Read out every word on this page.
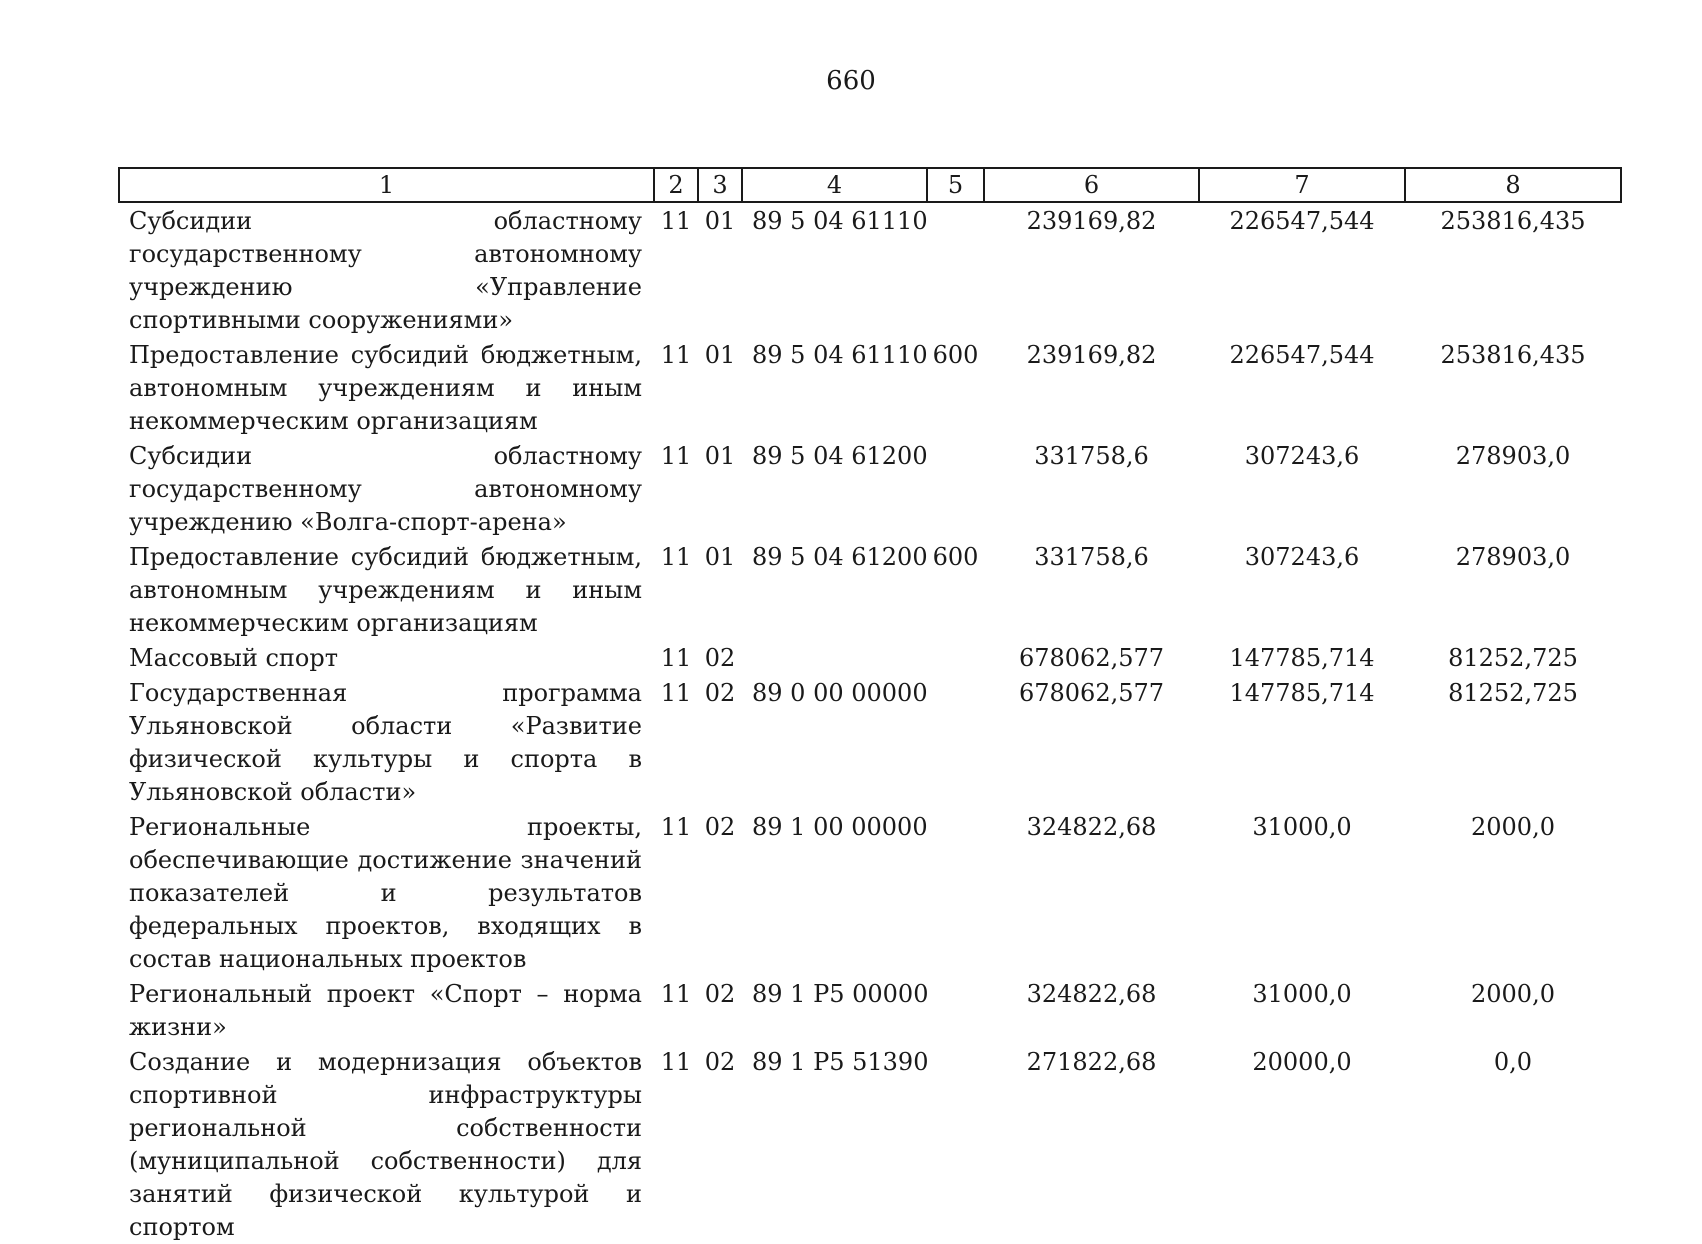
660
1	2	3	4	5	6	7	8
Субсидии областному государственному автономному учреждению «Управление спортивными сооружениями»	11	01	89 5 04 61110		239169,82	226547,544	253816,435
Предоставление субсидий бюджетным, автономным учреждениям и иным некоммерческим организациям	11	01	89 5 04 61110	600	239169,82	226547,544	253816,435
Субсидии областному государственному автономному учреждению «Волга-спорт-арена»	11	01	89 5 04 61200		331758,6	307243,6	278903,0
Предоставление субсидий бюджетным, автономным учреждениям и иным некоммерческим организациям	11	01	89 5 04 61200	600	331758,6	307243,6	278903,0
Массовый спорт	11	02			678062,577	147785,714	81252,725
Государственная программа Ульяновской области «Развитие физической культуры и спорта в Ульяновской области»	11	02	89 0 00 00000		678062,577	147785,714	81252,725
Региональные проекты, обеспечивающие достижение значений показателей и результатов федеральных проектов, входящих в состав национальных проектов	11	02	89 1 00 00000		324822,68	31000,0	2000,0
Региональный проект «Спорт – норма жизни»	11	02	89 1 Р5 00000		324822,68	31000,0	2000,0
Создание и модернизация объектов спортивной инфраструктуры региональной собственности (муниципальной собственности) для занятий физической культурой и спортом	11	02	89 1 Р5 51390		271822,68	20000,0	0,0
